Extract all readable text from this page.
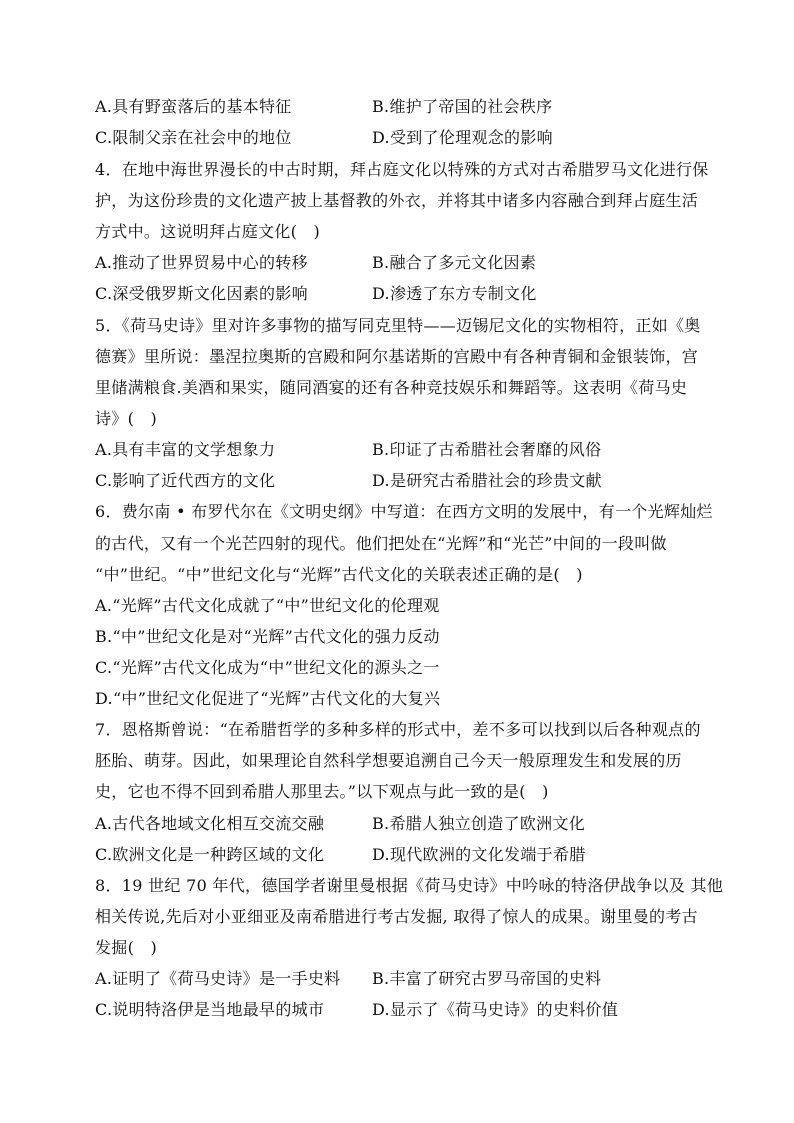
A.具有野蛮落后的基本特征	B.维护了帝国的社会秩序
C.限制父亲在社会中的地位	D.受到了伦理观念的影响
4．在地中海世界漫长的中古时期，拜占庭文化以特殊的方式对古希腊罗马文化进行保
护，为这份珍贵的文化遗产披上基督教的外衣，并将其中诸多内容融合到拜占庭生活
方式中。这说明拜占庭文化(　)
A.推动了世界贸易中心的转移	B.融合了多元文化因素
C.深受俄罗斯文化因素的影响	D.渗透了东方专制文化
5．《荷马史诗》里对许多事物的描写同克里特——迈锡尼文化的实物相符，正如《奥
德赛》里所说：墨涅拉奥斯的宫殿和阿尔基诺斯的宫殿中有各种青铜和金银装饰，宫
里储满粮食.美酒和果实，随同酒宴的还有各种竞技娱乐和舞蹈等。这表明《荷马史
诗》(　)
A.具有丰富的文学想象力	B.印证了古希腊社会奢靡的风俗
C.影响了近代西方的文化	D.是研究古希腊社会的珍贵文献
6．费尔南 • 布罗代尔在《文明史纲》中写道：在西方文明的发展中，有一个光辉灿烂
的古代，又有一个光芒四射的现代。他们把处在“光辉”和“光芒”中间的一段叫做
“中”世纪。“中”世纪文化与“光辉”古代文化的关联表述正确的是(　)
A.“光辉”古代文化成就了“中”世纪文化的伦理观
B.“中”世纪文化是对“光辉”古代文化的强力反动
C.“光辉”古代文化成为“中”世纪文化的源头之一
D.“中”世纪文化促进了“光辉”古代文化的大复兴
7．恩格斯曾说：“在希腊哲学的多种多样的形式中，差不多可以找到以后各种观点的
胚胎、萌芽。因此，如果理论自然科学想要追溯自己今天一般原理发生和发展的历
史，它也不得不回到希腊人那里去。”以下观点与此一致的是(　)
A.古代各地域文化相互交流交融	B.希腊人独立创造了欧洲文化
C.欧洲文化是一种跨区域的文化	D.现代欧洲的文化发端于希腊
8．19 世纪 70 年代，德国学者谢里曼根据《荷马史诗》中吟咏的特洛伊战争以及 其他
相关传说,先后对小亚细亚及南希腊进行考古发掘, 取得了惊人的成果。谢里曼的考古
发掘(　)
A.证明了《荷马史诗》是一手史料 B.丰富了研究古罗马帝国的史料
C.说明特洛伊是当地最早的城市	D.显示了《荷马史诗》的史料价值
